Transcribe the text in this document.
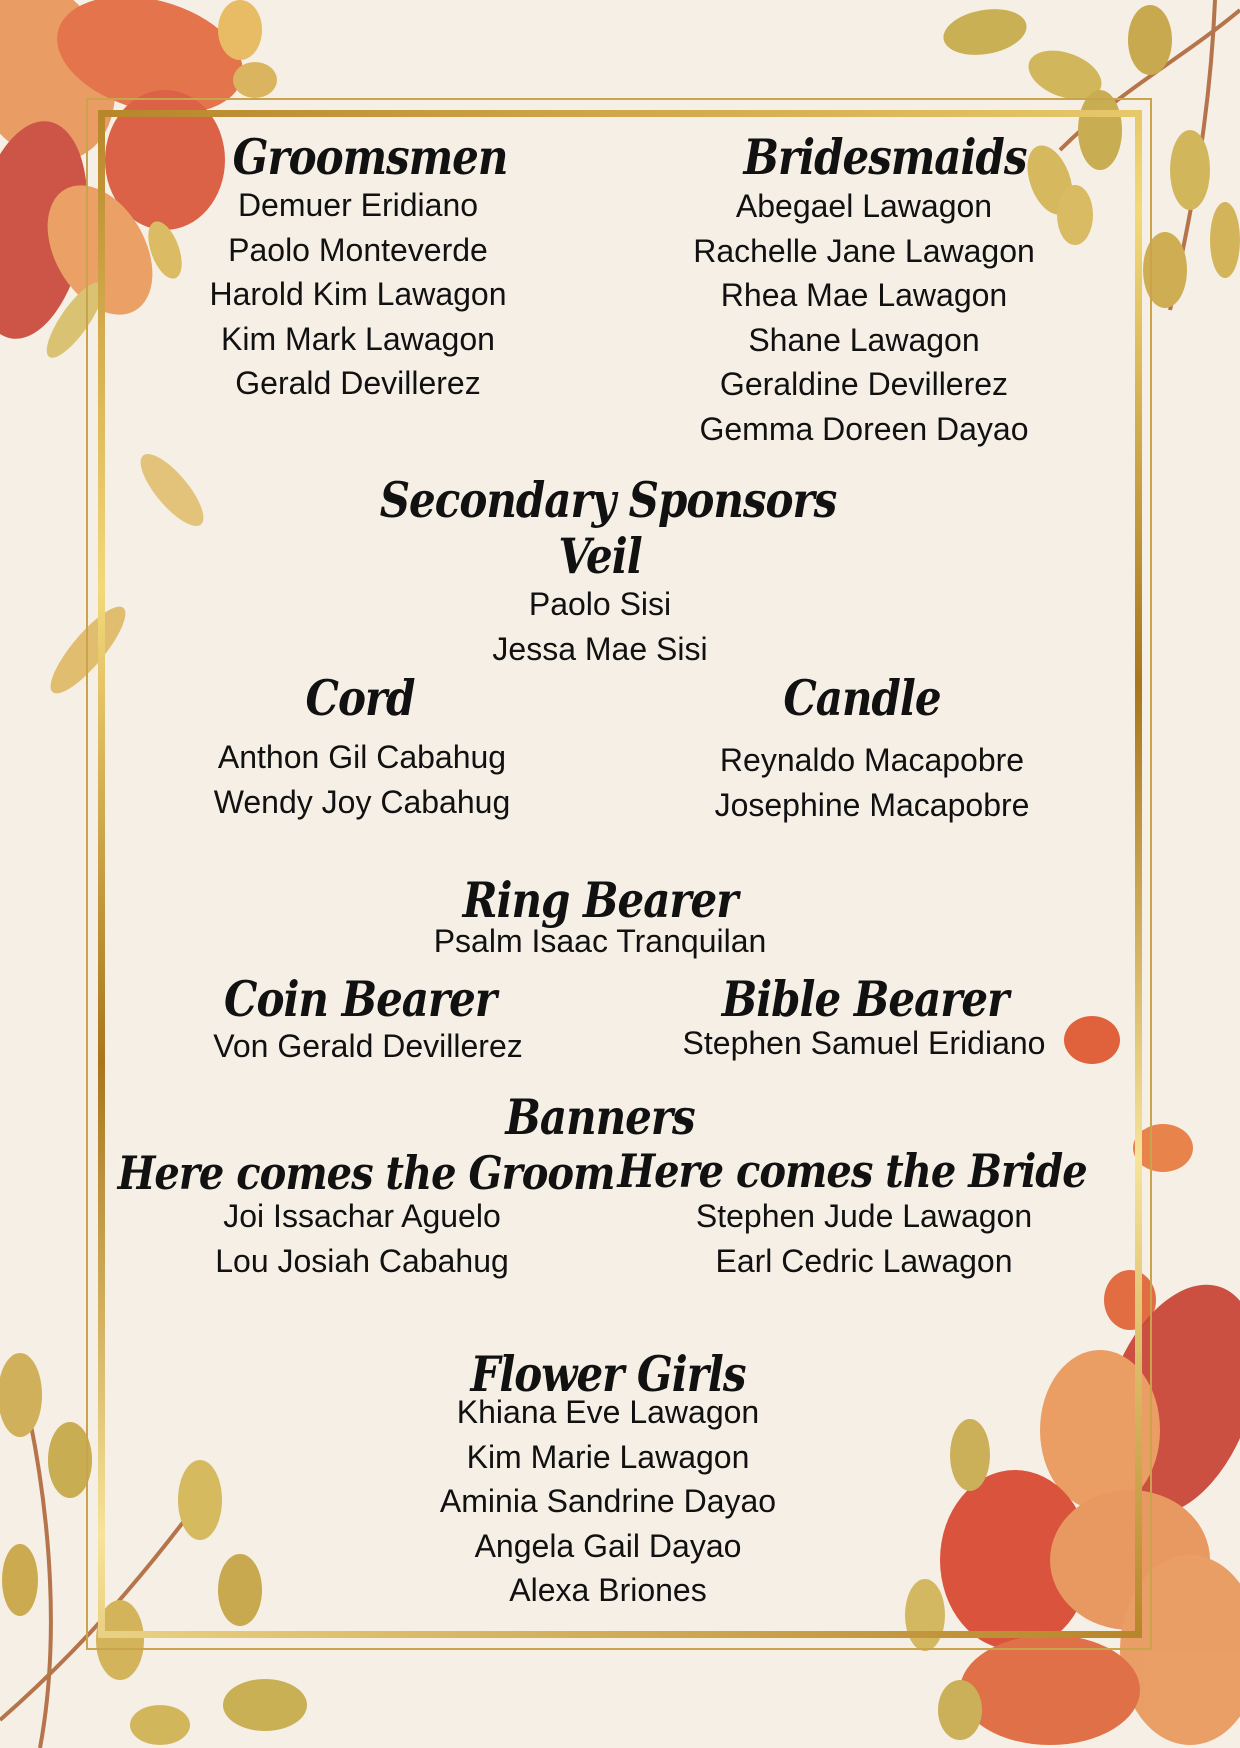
Groomsmen
Demuer Eridiano
Paolo Monteverde
Harold Kim Lawagon
Kim Mark Lawagon
Gerald Devillerez
Bridesmaids
Abegael Lawagon
Rachelle Jane Lawagon
Rhea Mae Lawagon
Shane Lawagon
Geraldine Devillerez
Gemma Doreen Dayao
Secondary Sponsors
Veil
Paolo Sisi
Jessa Mae Sisi
Cord
Anthon Gil Cabahug
Wendy Joy Cabahug
Candle
Reynaldo Macapobre
Josephine Macapobre
Ring Bearer
Psalm Isaac Tranquilan
Coin Bearer
Von Gerald Devillerez
Bible Bearer
Stephen Samuel Eridiano
Banners
Here comes the Groom
Joi Issachar Aguelo
Lou Josiah Cabahug
Here comes the Bride
Stephen Jude Lawagon
Earl Cedric Lawagon
Flower Girls
Khiana Eve Lawagon
Kim Marie Lawagon
Aminia Sandrine Dayao
Angela Gail Dayao
Alexa Briones
